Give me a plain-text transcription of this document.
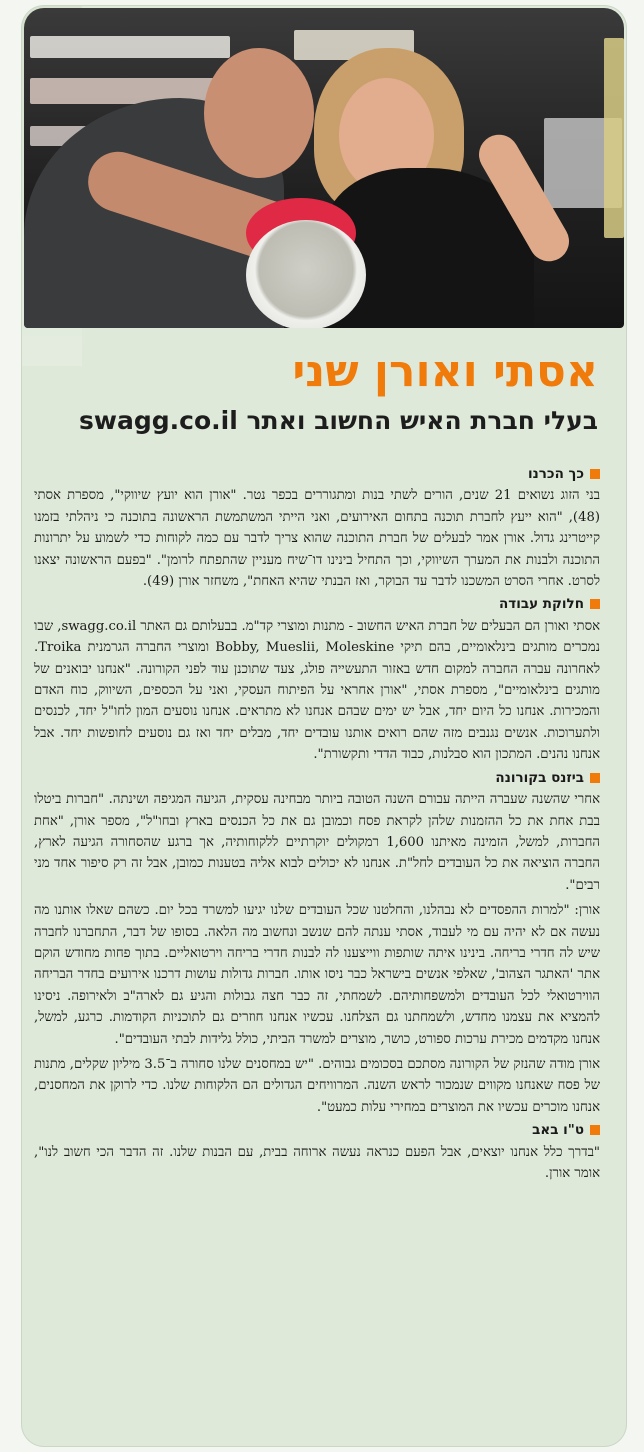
אסתי ואורן שני
בעלי חברת האיש החשוב ואתר swagg.co.il
כך הכרנו

בני הזוג נשואים 21 שנים, הורים לשתי בנות ומתגוררים בכפר נטר. "אורן הוא יועץ שיווקי", מספרת אסתי (48), "הוא ייעץ לחברת תוכנה בתחום האירועים, ואני הייתי המשתמשת הראשונה בתוכנה כי ניהלתי בזמנו קייטרינג גדול. אורן אמר לבעלים של חברת התוכנה שהוא צריך לדבר עם כמה לקוחות כדי לשמוע על יתרונות התוכנה ולבנות את המערך השיווקי, וכך התחיל בינינו דו־שיח מעניין שהתפתח לרומן". "בפעם הראשונה יצאנו לסרט. אחרי הסרט המשכנו לדבר עד הבוקר, ואז הבנתי שהיא האחת", משחזר אורן (49).

חלוקת עבודה

אסתי ואורן הם הבעלים של חברת האיש החשוב - מתנות ומוצרי קד"מ. בבעלותם גם האתר swagg.co.il, שבו נמכרים מותגים בינלאומיים, בהם תיקי Bobby, Mueslii, Moleskine ומוצרי החברה הגרמנית Troika. לאחרונה עברה החברה למקום חדש באזור התעשייה פולג, צעד שתוכנן עוד לפני הקורונה. "אנחנו יבואנים של מותגים בינלאומיים", מספרת אסתי, "אורן אחראי על הפיתוח העסקי, ואני על הכספים, השיווק, כוח האדם והמכירות. אנחנו כל היום יחד, אבל יש ימים שבהם אנחנו לא מתראים. אנחנו נוסעים המון לחו"ל יחד, לכנסים ולתערוכות. אנשים נגנבים מזה שהם רואים אותנו עובדים יחד, מבלים יחד ואז גם נוסעים לחופשות יחד. אבל אנחנו נהנים. המתכון הוא סבלנות, כבוד הדדי ותקשורת".

ביזנס בקורונה

אחרי שהשנה שעברה הייתה עבורם השנה הטובה ביותר מבחינה עסקית, הגיעה המגיפה ושינתה. "חברות ביטלו בבת אחת את כל ההזמנות שלהן לקראת פסח וכמובן גם את כל הכנסים בארץ ובחו"ל", מספר אורן, "אחת החברות, למשל, הזמינה מאיתנו 1,600 רמקולים יוקרתיים ללקוחותיה, אך ברגע שהסחורה הגיעה לארץ, החברה הוציאה את כל העובדים לחל"ת. אנחנו לא יכולים לבוא אליה בטענות כמובן, אבל זה רק סיפור אחד מני רבים".

אורן: "למרות ההפסדים לא נבהלנו, והחלטנו שכל העובדים שלנו יגיעו למשרד בכל יום. כשהם שאלו אותנו מה נעשה אם לא יהיה עם מי לעבוד, אסתי ענתה להם שנשב ונחשוב מה הלאה. בסופו של דבר, התחברנו לחברה שיש לה חדרי בריחה. בינינו איתה שותפות ווייצענו לה לבנות חדרי בריחה וירטואליים. בתוך פחות מחודש הוקם אתר 'האתגר הצהוב', שאלפי אנשים בישראל כבר ניסו אותו. חברות גדולות עושות דרכנו אירועים בחדר הבריחה הווירטואלי לכל העובדים ולמשפחותיהם. לשמחתי, זה כבר חצה גבולות והגיע גם לארה"ב ולאירופה. ניסינו להמציא את עצמנו מחדש, ולשמחתנו גם הצלחנו. עכשיו אנחנו חוזרים גם לתוכניות הקודמות. כרגע, למשל, אנחנו מקדמים מכירת ערכות ספורט, כושר, מוצרים למשרד הביתי, כולל גלידות לבתי העובדים".

אורן מודה שהנזק של הקורונה מסתכם בסכומים גבוהים. "יש במחסנים שלנו סחורה ב־3.5 מיליון שקלים, מתנות של פסח שאנחנו מקווים שנמכור לראש השנה. המרוויחים הגדולים הם הלקוחות שלנו. כדי לרוקן את המחסנים, אנחנו מוכרים עכשיו את המוצרים במחירי עלות כמעט".

ט"ו באב

"בדרך כלל אנחנו יוצאים, אבל הפעם כנראה נעשה ארוחה בבית, עם הבנות שלנו. זה הדבר הכי חשוב לנו", אומר אורן.
